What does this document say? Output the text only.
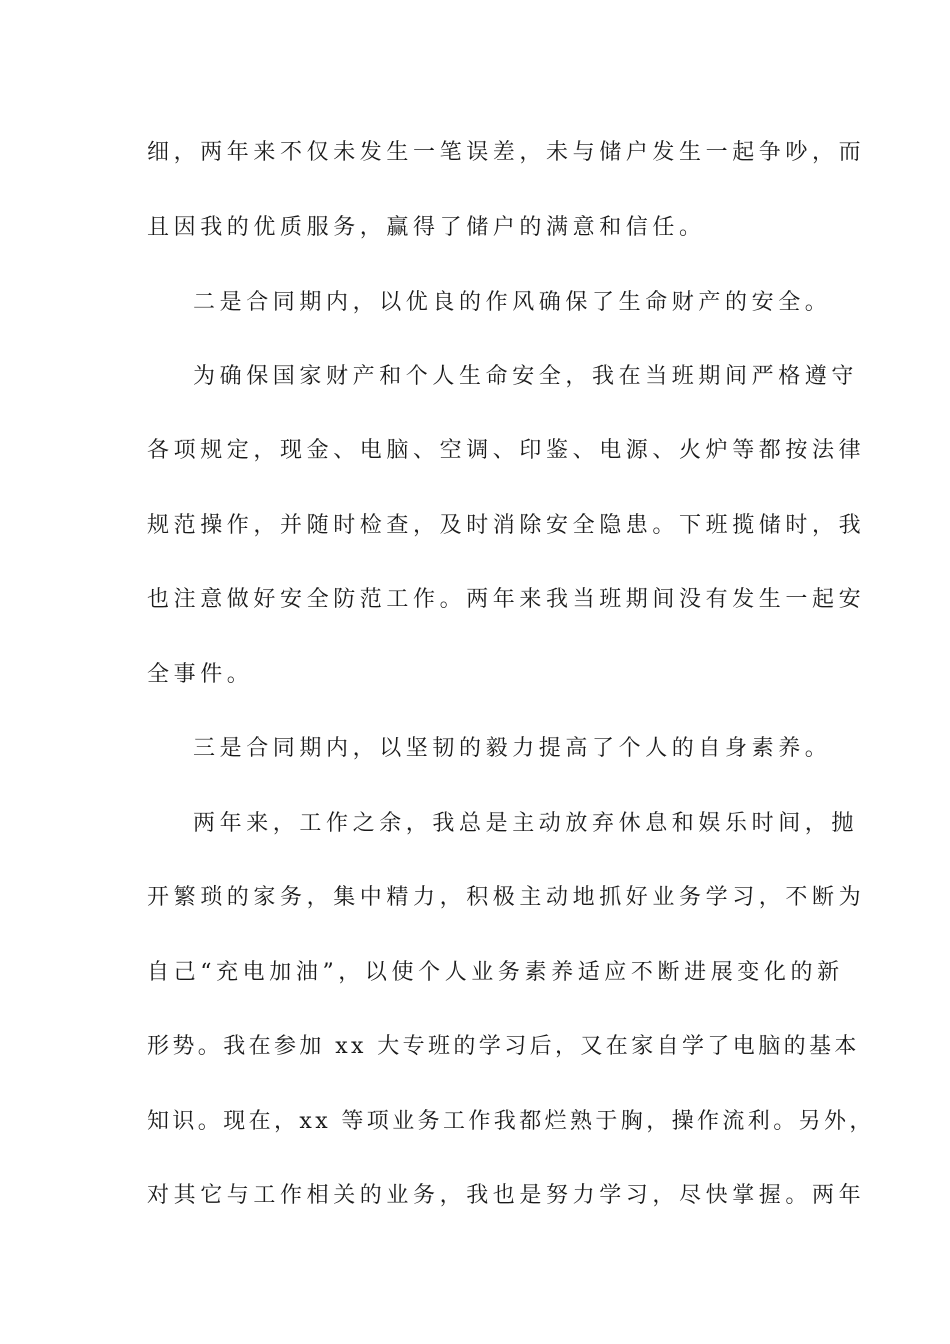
细，两年来不仅未发生一笔误差，未与储户发生一起争吵，而
且因我的优质服务，赢得了储户的满意和信任。
二是合同期内，以优良的作风确保了生命财产的安全。
为确保国家财产和个人生命安全，我在当班期间严格遵守
各项规定，现金、电脑、空调、印鉴、电源、火炉等都按法律
规范操作，并随时检查，及时消除安全隐患。下班揽储时，我
也注意做好安全防范工作。两年来我当班期间没有发生一起安
全事件。
三是合同期内，以坚韧的毅力提高了个人的自身素养。
两年来，工作之余，我总是主动放弃休息和娱乐时间，抛
开繁琐的家务，集中精力，积极主动地抓好业务学习，不断为
自己“充电加油”，以使个人业务素养适应不断进展变化的新
形势。我在参加 xx 大专班的学习后，又在家自学了电脑的基本
知识。现在，xx 等项业务工作我都烂熟于胸，操作流利。另外，
对其它与工作相关的业务，我也是努力学习，尽快掌握。两年
